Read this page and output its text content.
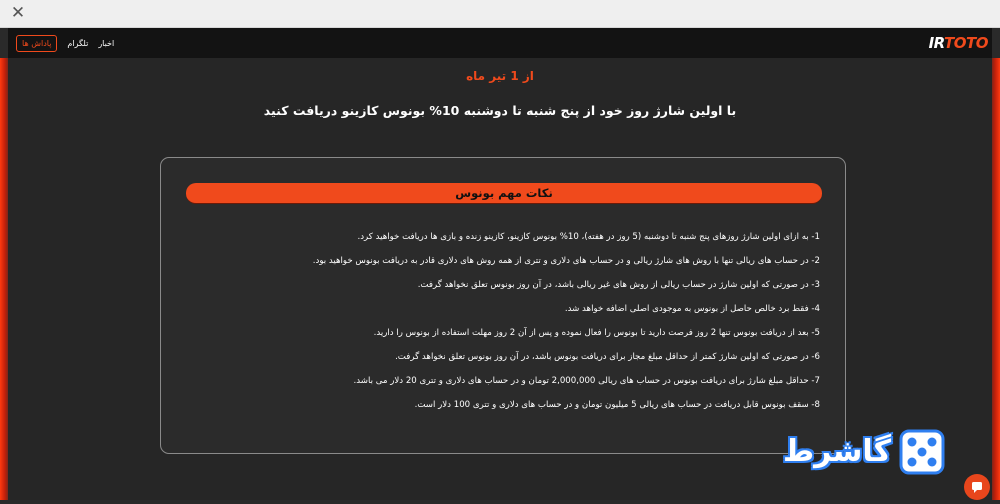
✕
پاداش ها	تلگرام اخبار	IRTOTO
از 1 تیر ماه
با اولین شارژ روز خود از پنج شنبه تا دوشنبه 10% بونوس کازینو دریافت کنید
نکات مهم بونوس
1- به ازای اولین شارژ روزهای پنج شنبه تا دوشنبه (5 روز در هفته)، 10% بونوس کازینو، کازینو زنده و بازی ها دریافت خواهید کرد.
2- در حساب های ریالی تنها با روش های شارژ ریالی و در حساب های دلاری و تتری از همه روش های دلاری قادر به دریافت بونوس خواهید بود.
3- در صورتی که اولین شارژ در حساب ریالی از روش های غیر ریالی باشد، در آن روز بونوس تعلق نخواهد گرفت.
4- فقط برد خالص حاصل از بونوس به موجودی اصلی اضافه خواهد شد.
5- بعد از دریافت بونوس تنها 2 روز فرصت دارید تا بونوس را فعال نموده و پس از آن 2 روز مهلت استفاده از بونوس را دارید.
6- در صورتی که اولین شارژ کمتر از حداقل مبلغ مجاز برای دریافت بونوس باشد، در آن روز بونوس تعلق نخواهد گرفت.
7- حداقل مبلغ شارژ برای دریافت بونوس در حساب های ریالی 2,000,000 تومان و در حساب های دلاری و تتری 20 دلار می باشد.
8- سقف بونوس قابل دریافت در حساب های ریالی 5 میلیون تومان و در حساب های دلاری و تتری 100 دلار است.
گاشرط
